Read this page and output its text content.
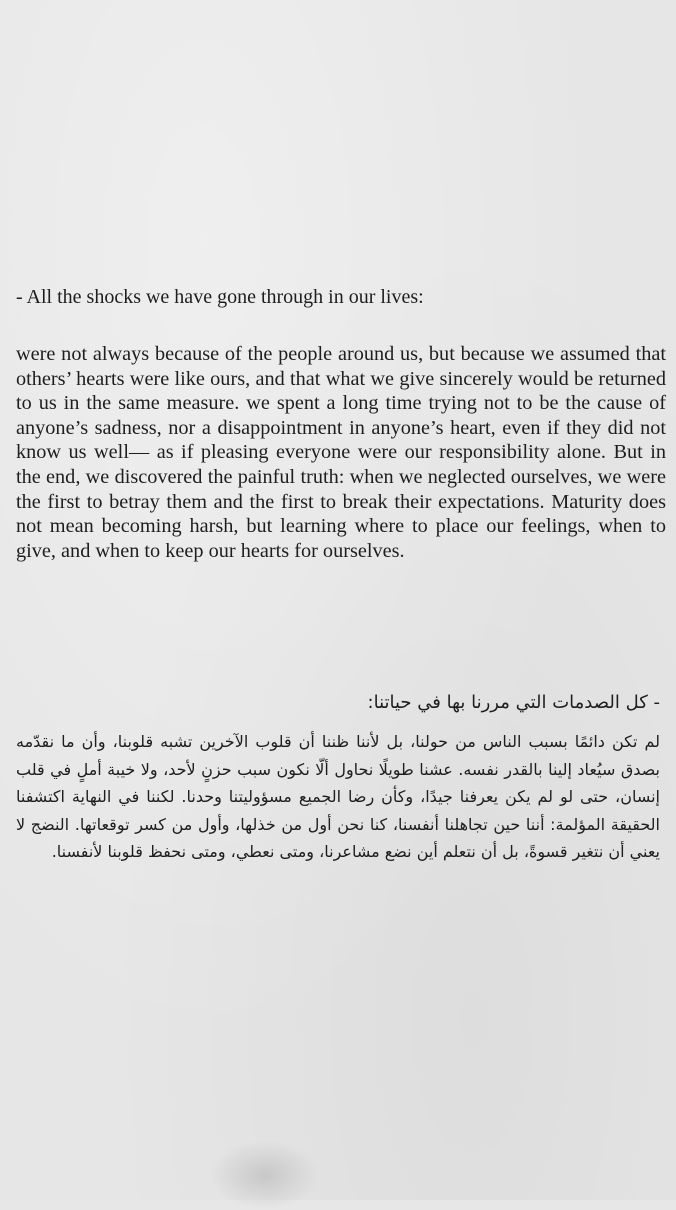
- All the shocks we have gone through in our lives:

were not always because of the people around us, but because we assumed that others’ hearts were like ours, and that what we give sincerely would be returned to us in the same measure. we spent a long time trying not to be the cause of anyone’s sadness, nor a disappointment in anyone’s heart, even if they did not know us well— as if pleasing everyone were our responsibility alone. But in the end, we discovered the painful truth: when we neglected ourselves, we were the first to betray them and the first to break their expectations. Maturity does not mean becoming harsh, but learning where to place our feelings, when to give, and when to keep our hearts for ourselves.

- كل الصدمات التي مررنا بها في حياتنا:

لم تكن دائمًا بسبب الناس من حولنا، بل لأننا ظننا أن قلوب الآخرين تشبه قلوبنا، وأن ما نقدّمه بصدق سيُعاد إلينا بالقدر نفسه. عشنا طويلًا نحاول ألّا نكون سبب حزنٍ لأحد، ولا خيبة أملٍ في قلب إنسان، حتى لو لم يكن يعرفنا جيدًا، وكأن رضا الجميع مسؤوليتنا وحدنا. لكننا في النهاية اكتشفنا الحقيقة المؤلمة: أننا حين تجاهلنا أنفسنا، كنا نحن أول من خذلها، وأول من كسر توقعاتها. النضج لا يعني أن نتغير قسوةً، بل أن نتعلم أين نضع مشاعرنا، ومتى نعطي، ومتى نحفظ قلوبنا لأنفسنا.
